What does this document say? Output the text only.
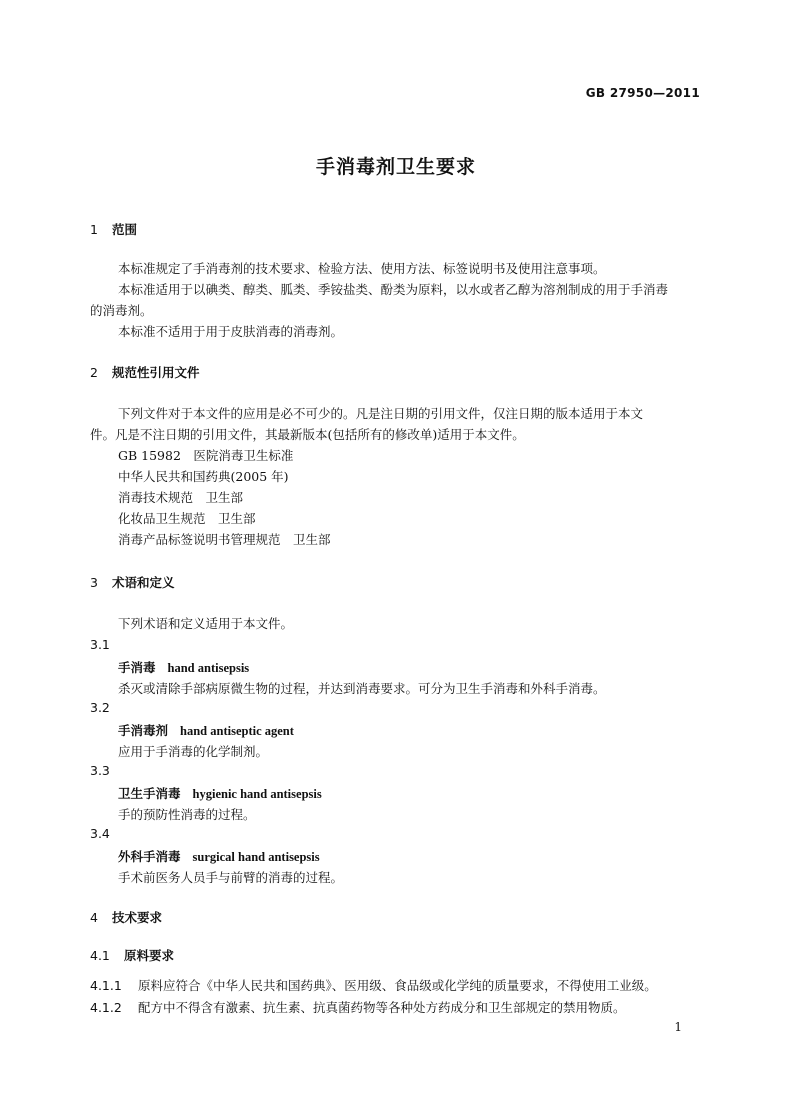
GB 27950—2011
手消毒剂卫生要求
1 范围
本标准规定了手消毒剂的技术要求、检验方法、使用方法、标签说明书及使用注意事项。
本标准适用于以碘类、醇类、胍类、季铵盐类、酚类为原料，以水或者乙醇为溶剂制成的用于手消毒
的消毒剂。
本标准不适用于用于皮肤消毒的消毒剂。
2 规范性引用文件
下列文件对于本文件的应用是必不可少的。凡是注日期的引用文件，仅注日期的版本适用于本文
件。凡是不注日期的引用文件，其最新版本(包括所有的修改单)适用于本文件。
GB 15982　医院消毒卫生标准
中华人民共和国药典(2005 年)
消毒技术规范　卫生部
化妆品卫生规范　卫生部
消毒产品标签说明书管理规范　卫生部
3 术语和定义
下列术语和定义适用于本文件。
3.1
手消毒 hand antisepsis
杀灭或清除手部病原微生物的过程，并达到消毒要求。可分为卫生手消毒和外科手消毒。
3.2
手消毒剂 hand antiseptic agent
应用于手消毒的化学制剂。
3.3
卫生手消毒 hygienic hand antisepsis
手的预防性消毒的过程。
3.4
外科手消毒 surgical hand antisepsis
手术前医务人员手与前臂的消毒的过程。
4 技术要求
4.1 原料要求
4.1.1 原料应符合《中华人民共和国药典》、医用级、食品级或化学纯的质量要求，不得使用工业级。
4.1.2 配方中不得含有激素、抗生素、抗真菌药物等各种处方药成分和卫生部规定的禁用物质。
1
